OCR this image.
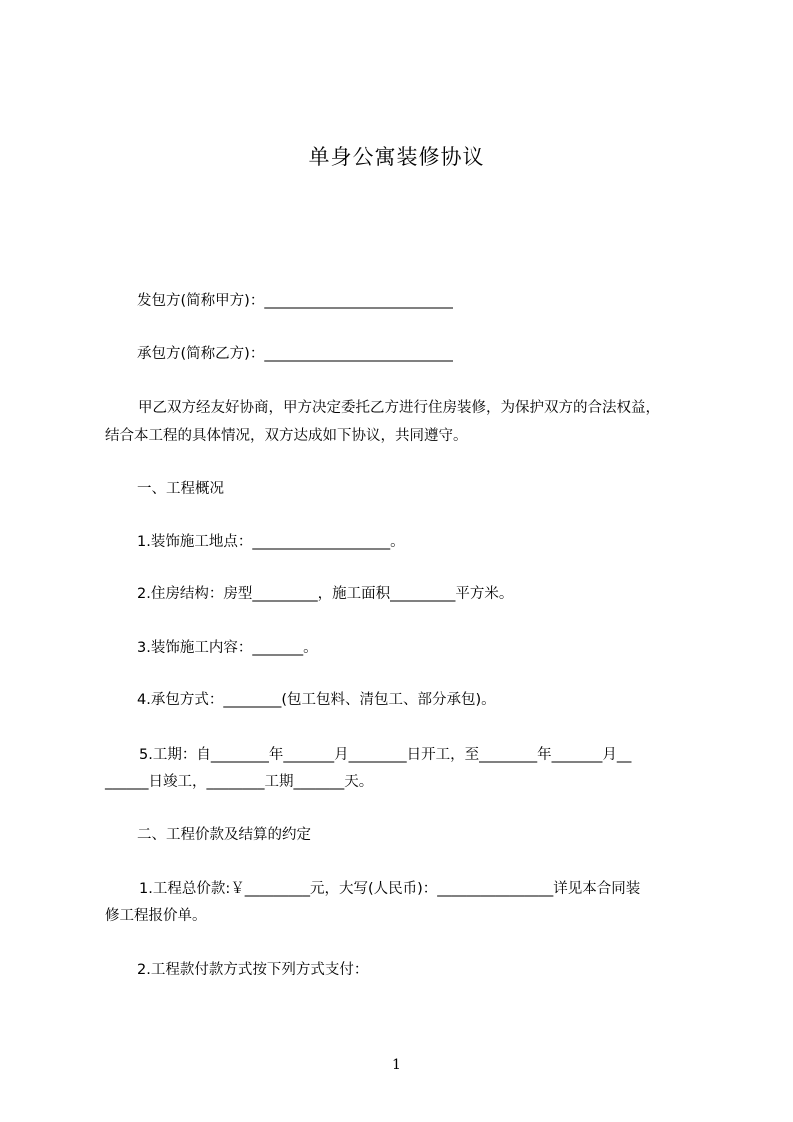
单身公寓装修协议
发包方(简称甲方)：__________________________
承包方(简称乙方)：__________________________
甲乙双方经友好协商，甲方决定委托乙方进行住房装修，为保护双方的合法权益，
结合本工程的具体情况，双方达成如下协议，共同遵守。
一、工程概况
1.装饰施工地点：___________________。
2.住房结构：房型_________，施工面积_________平方米。
3.装饰施工内容：_______。
4.承包方式：________(包工包料、清包工、部分承包)。
5.工期：自________年_______月________日开工，至________年_______月__
______日竣工，________工期_______天。
二、工程价款及结算的约定
1.工程总价款:￥_________元，大写(人民币)：________________详见本合同装
修工程报价单。
2.工程款付款方式按下列方式支付：
1
